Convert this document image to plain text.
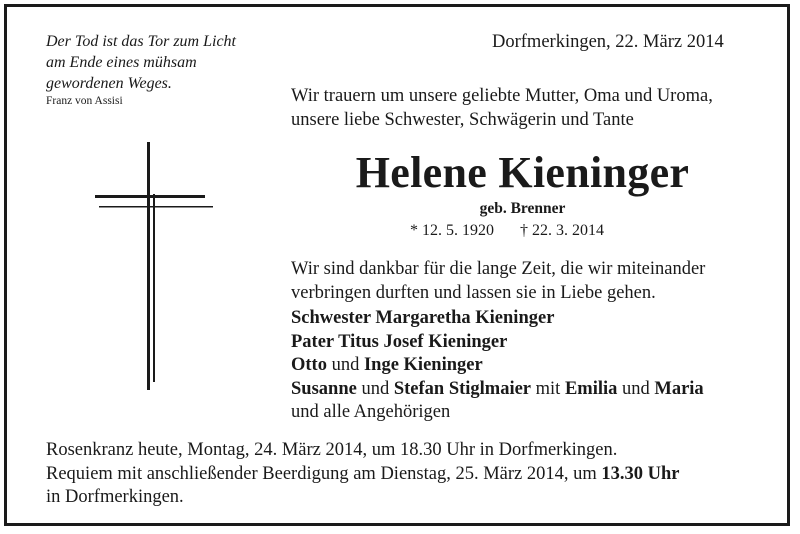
Der Tod ist das Tor zum Licht
am Ende eines mühsam
gewordenen Weges.
Franz von Assisi
Dorfmerkingen, 22. März 2014
Wir trauern um unsere geliebte Mutter, Oma und Uroma,
unsere liebe Schwester, Schwägerin und Tante
Helene Kieninger
geb. Brenner
* 12. 5. 1920 † 22. 3. 2014
Wir sind dankbar für die lange Zeit, die wir miteinander
verbringen durften und lassen sie in Liebe gehen.
Schwester Margaretha Kieninger
Pater Titus Josef Kieninger
Otto und Inge Kieninger
Susanne und Stefan Stiglmaier mit Emilia und Maria
und alle Angehörigen
Rosenkranz heute, Montag, 24. März 2014, um 18.30 Uhr in Dorfmerkingen.
Requiem mit anschließender Beerdigung am Dienstag, 25. März 2014, um 13.30 Uhr
in Dorfmerkingen.
